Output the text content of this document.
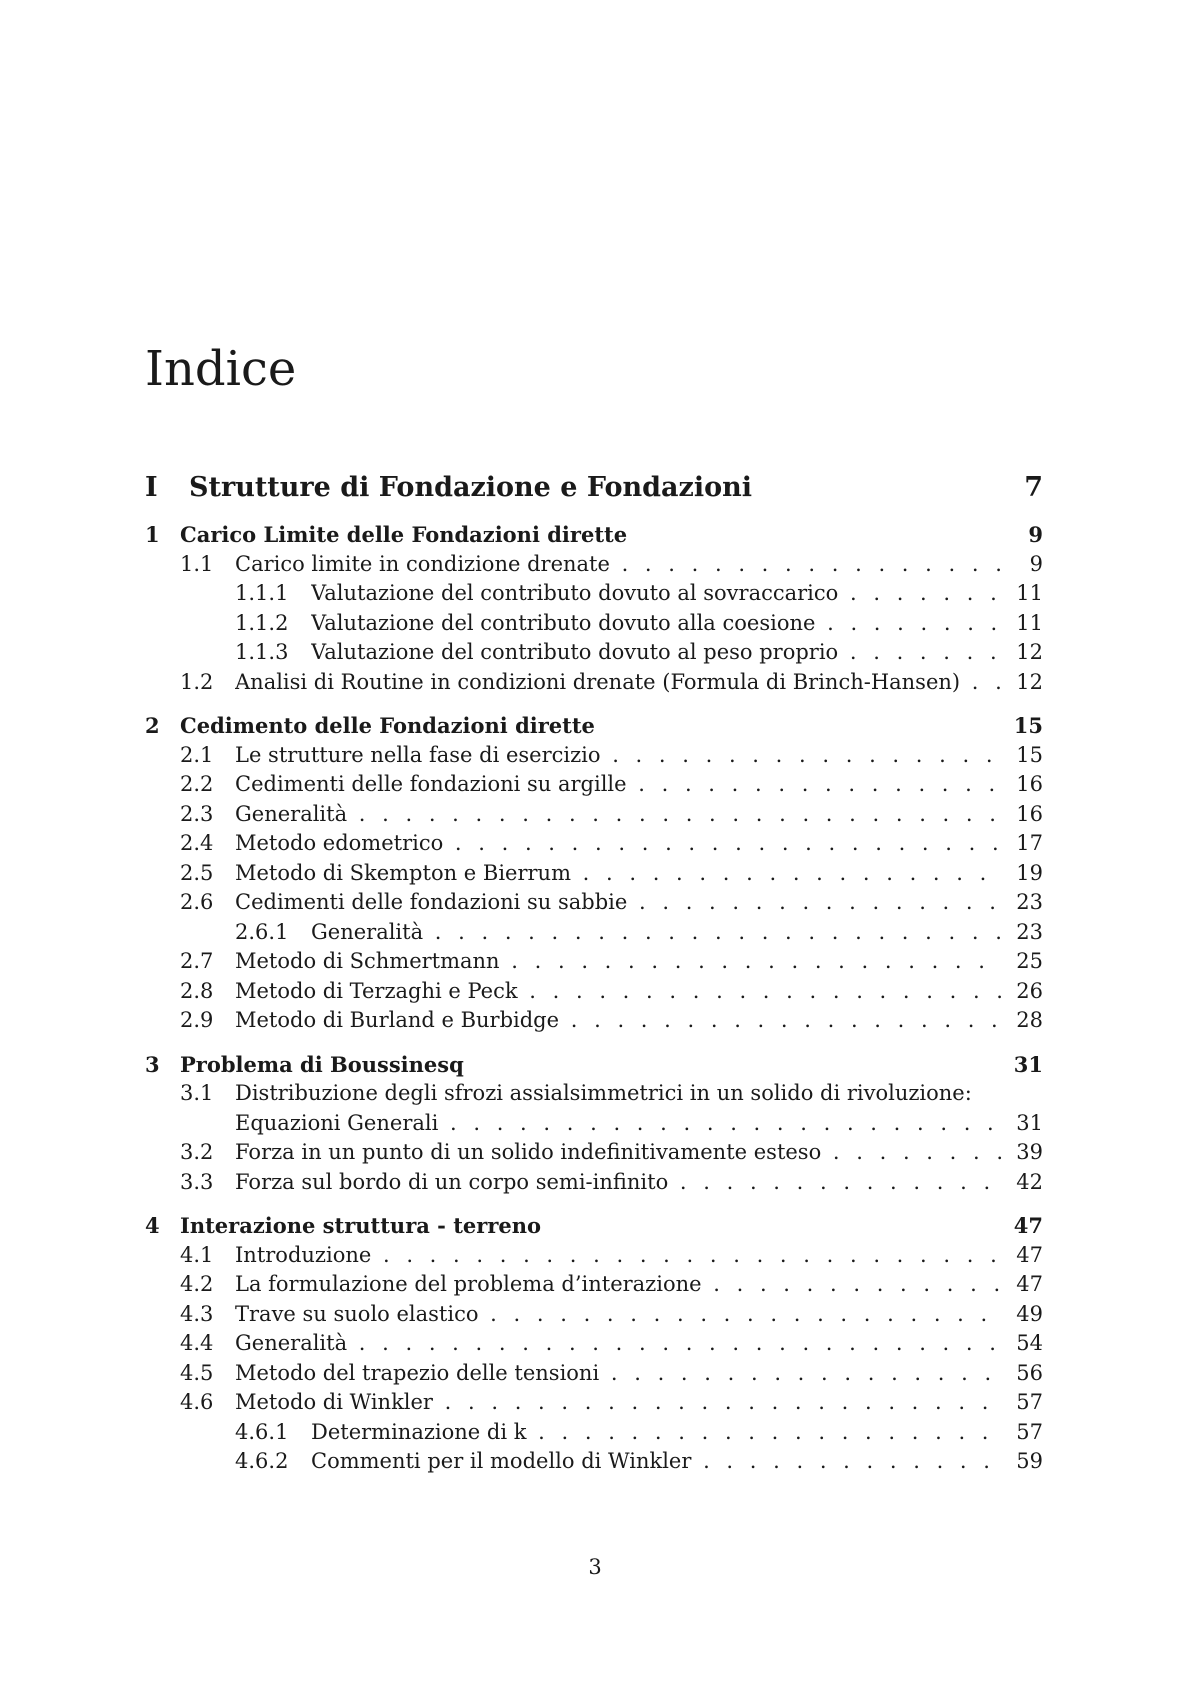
Indice
I Strutture di Fondazione e Fondazioni	7
1 Carico Limite delle Fondazioni dirette	9
1.1 Carico limite in condizione drenate . . .	9
1.1.1 Valutazione del contributo dovuto al sovraccarico . . .	11
1.1.2 Valutazione del contributo dovuto alla coesione . . .	11
1.1.3 Valutazione del contributo dovuto al peso proprio . . .	12
1.2 Analisi di Routine in condizioni drenate (Formula di Brinch-Hansen) . . .	12
2 Cedimento delle Fondazioni dirette	15
2.1 Le strutture nella fase di esercizio . . .	15
2.2 Cedimenti delle fondazioni su argille . . .	16
2.3 Generalità . . .	16
2.4 Metodo edometrico . . .	17
2.5 Metodo di Skempton e Bierrum . . .	19
2.6 Cedimenti delle fondazioni su sabbie . . .	23
2.6.1 Generalità . . .	23
2.7 Metodo di Schmertmann . . .	25
2.8 Metodo di Terzaghi e Peck . . .	26
2.9 Metodo di Burland e Burbidge . . .	28
3 Problema di Boussinesq	31
3.1 Distribuzione degli sfrozi assialsimmetrici in un solido di rivoluzione:
Equazioni Generali . . .	31
3.2 Forza in un punto di un solido indefinitivamente esteso . . .	39
3.3 Forza sul bordo di un corpo semi-infinito . . .	42
4 Interazione struttura - terreno	47
4.1 Introduzione . . .	47
4.2 La formulazione del problema d’interazione . . .	47
4.3 Trave su suolo elastico . . .	49
4.4 Generalità . . .	54
4.5 Metodo del trapezio delle tensioni . . .	56
4.6 Metodo di Winkler . . .	57
4.6.1 Determinazione di k . . .	57
4.6.2 Commenti per il modello di Winkler . . .	59
3
